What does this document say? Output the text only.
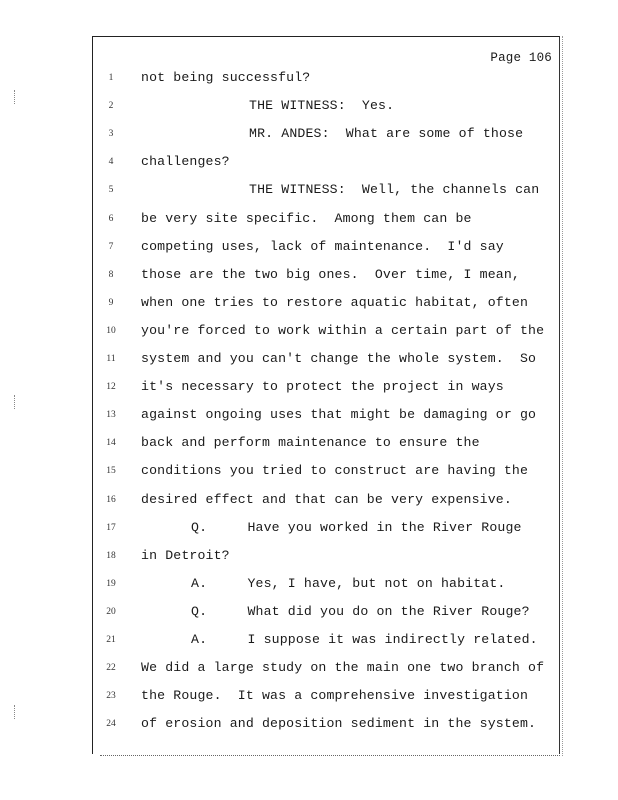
Page 106
1	not being successful?
2	THE WITNESS:  Yes.
3	MR. ANDES:  What are some of those
4	challenges?
5	THE WITNESS:  Well, the channels can
6	be very site specific.  Among them can be
7	competing uses, lack of maintenance.  I'd say
8	those are the two big ones.  Over time, I mean,
9	when one tries to restore aquatic habitat, often
10	you're forced to work within a certain part of the
11	system and you can't change the whole system.  So
12	it's necessary to protect the project in ways
13	against ongoing uses that might be damaging or go
14	back and perform maintenance to ensure the
15	conditions you tried to construct are having the
16	desired effect and that can be very expensive.
17	Q.     Have you worked in the River Rouge
18	in Detroit?
19	A.     Yes, I have, but not on habitat.
20	Q.     What did you do on the River Rouge?
21	A.     I suppose it was indirectly related.
22	We did a large study on the main one two branch of
23	the Rouge.  It was a comprehensive investigation
24	of erosion and deposition sediment in the system.
